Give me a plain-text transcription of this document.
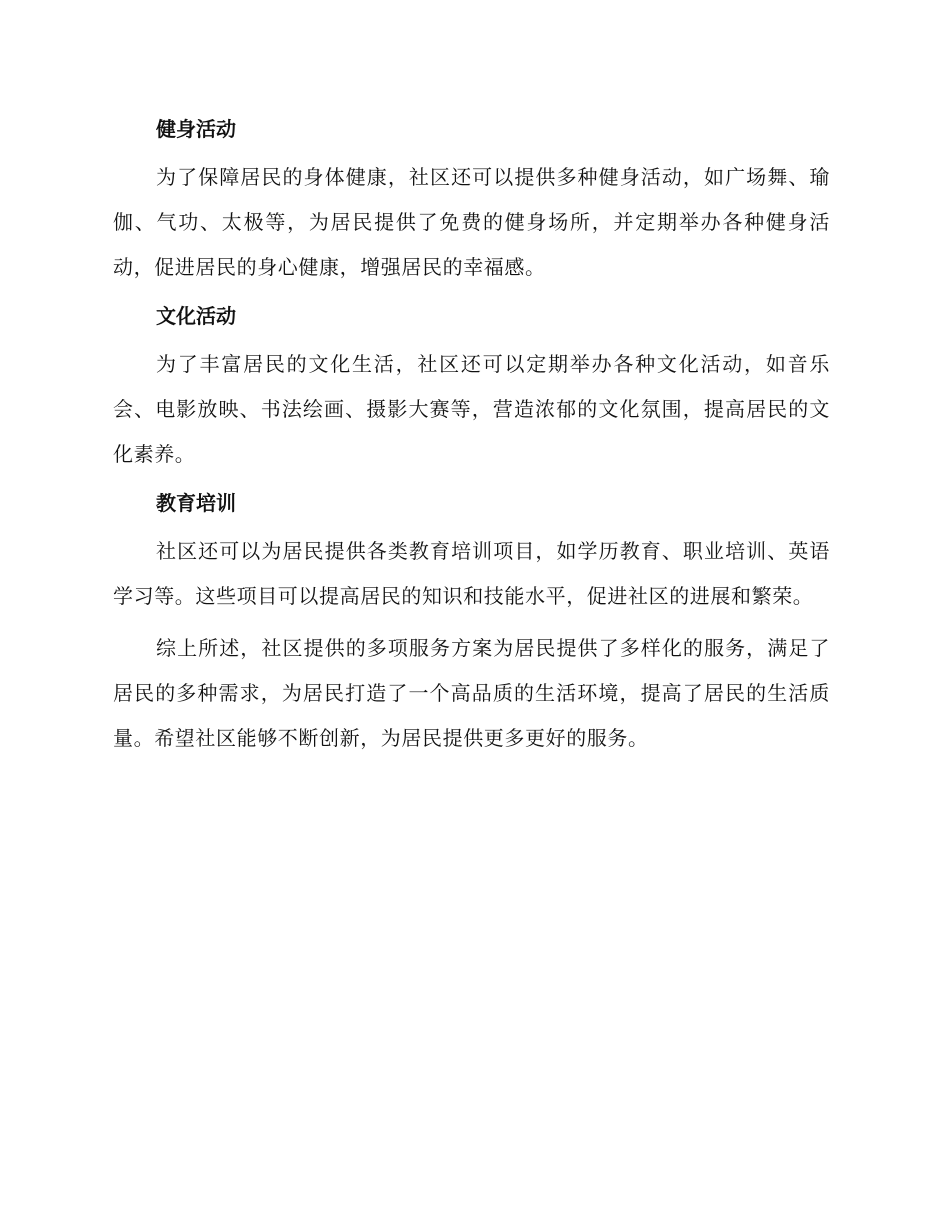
健身活动

为了保障居民的身体健康，社区还可以提供多种健身活动，如广场舞、瑜伽、气功、太极等，为居民提供了免费的健身场所，并定期举办各种健身活动，促进居民的身心健康，增强居民的幸福感。

文化活动

为了丰富居民的文化生活，社区还可以定期举办各种文化活动，如音乐会、电影放映、书法绘画、摄影大赛等，营造浓郁的文化氛围，提高居民的文化素养。

教育培训

社区还可以为居民提供各类教育培训项目，如学历教育、职业培训、英语学习等。这些项目可以提高居民的知识和技能水平，促进社区的进展和繁荣。

综上所述，社区提供的多项服务方案为居民提供了多样化的服务，满足了居民的多种需求，为居民打造了一个高品质的生活环境，提高了居民的生活质量。希望社区能够不断创新，为居民提供更多更好的服务。
